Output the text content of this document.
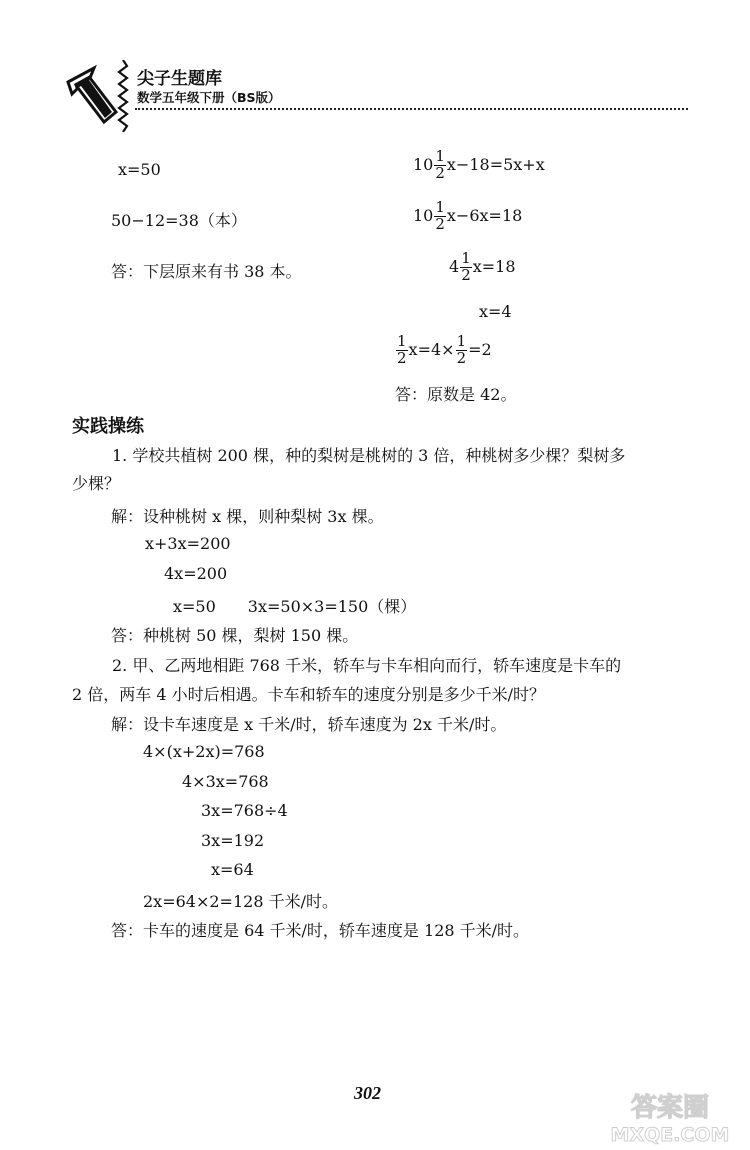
尖子生题库
数学五年级下册（BS版）
x=50
50−12=38（本）
答：下层原来有书 38 本。
$10 \frac{1}{2} x-18=5x+x$
$10 \frac{1}{2} x-6x=18$
$4 \frac{1}{2} x=18$
x=4
$\frac{1}{2} x=4\times \frac{1}{2} =2$
答：原数是 42。
实践操练
1. 学校共植树 200 棵，种的梨树是桃树的 3 倍，种桃树多少棵？梨树多
少棵？
解：设种桃树 x 棵，则种梨树 3x 棵。
x+3x=200
4x=200
x=50　　3x=50×3=150（棵）
答：种桃树 50 棵，梨树 150 棵。
2. 甲、乙两地相距 768 千米，轿车与卡车相向而行，轿车速度是卡车的
2 倍，两车 4 小时后相遇。卡车和轿车的速度分别是多少千米/时？
解：设卡车速度是 x 千米/时，轿车速度为 2x 千米/时。
4×(x+2x)=768
4×3x=768
3x=768÷4
3x=192
x=64
2x=64×2=128 千米/时。
答：卡车的速度是 64 千米/时，轿车速度是 128 千米/时。
302	答案圈
MXQE.COM
